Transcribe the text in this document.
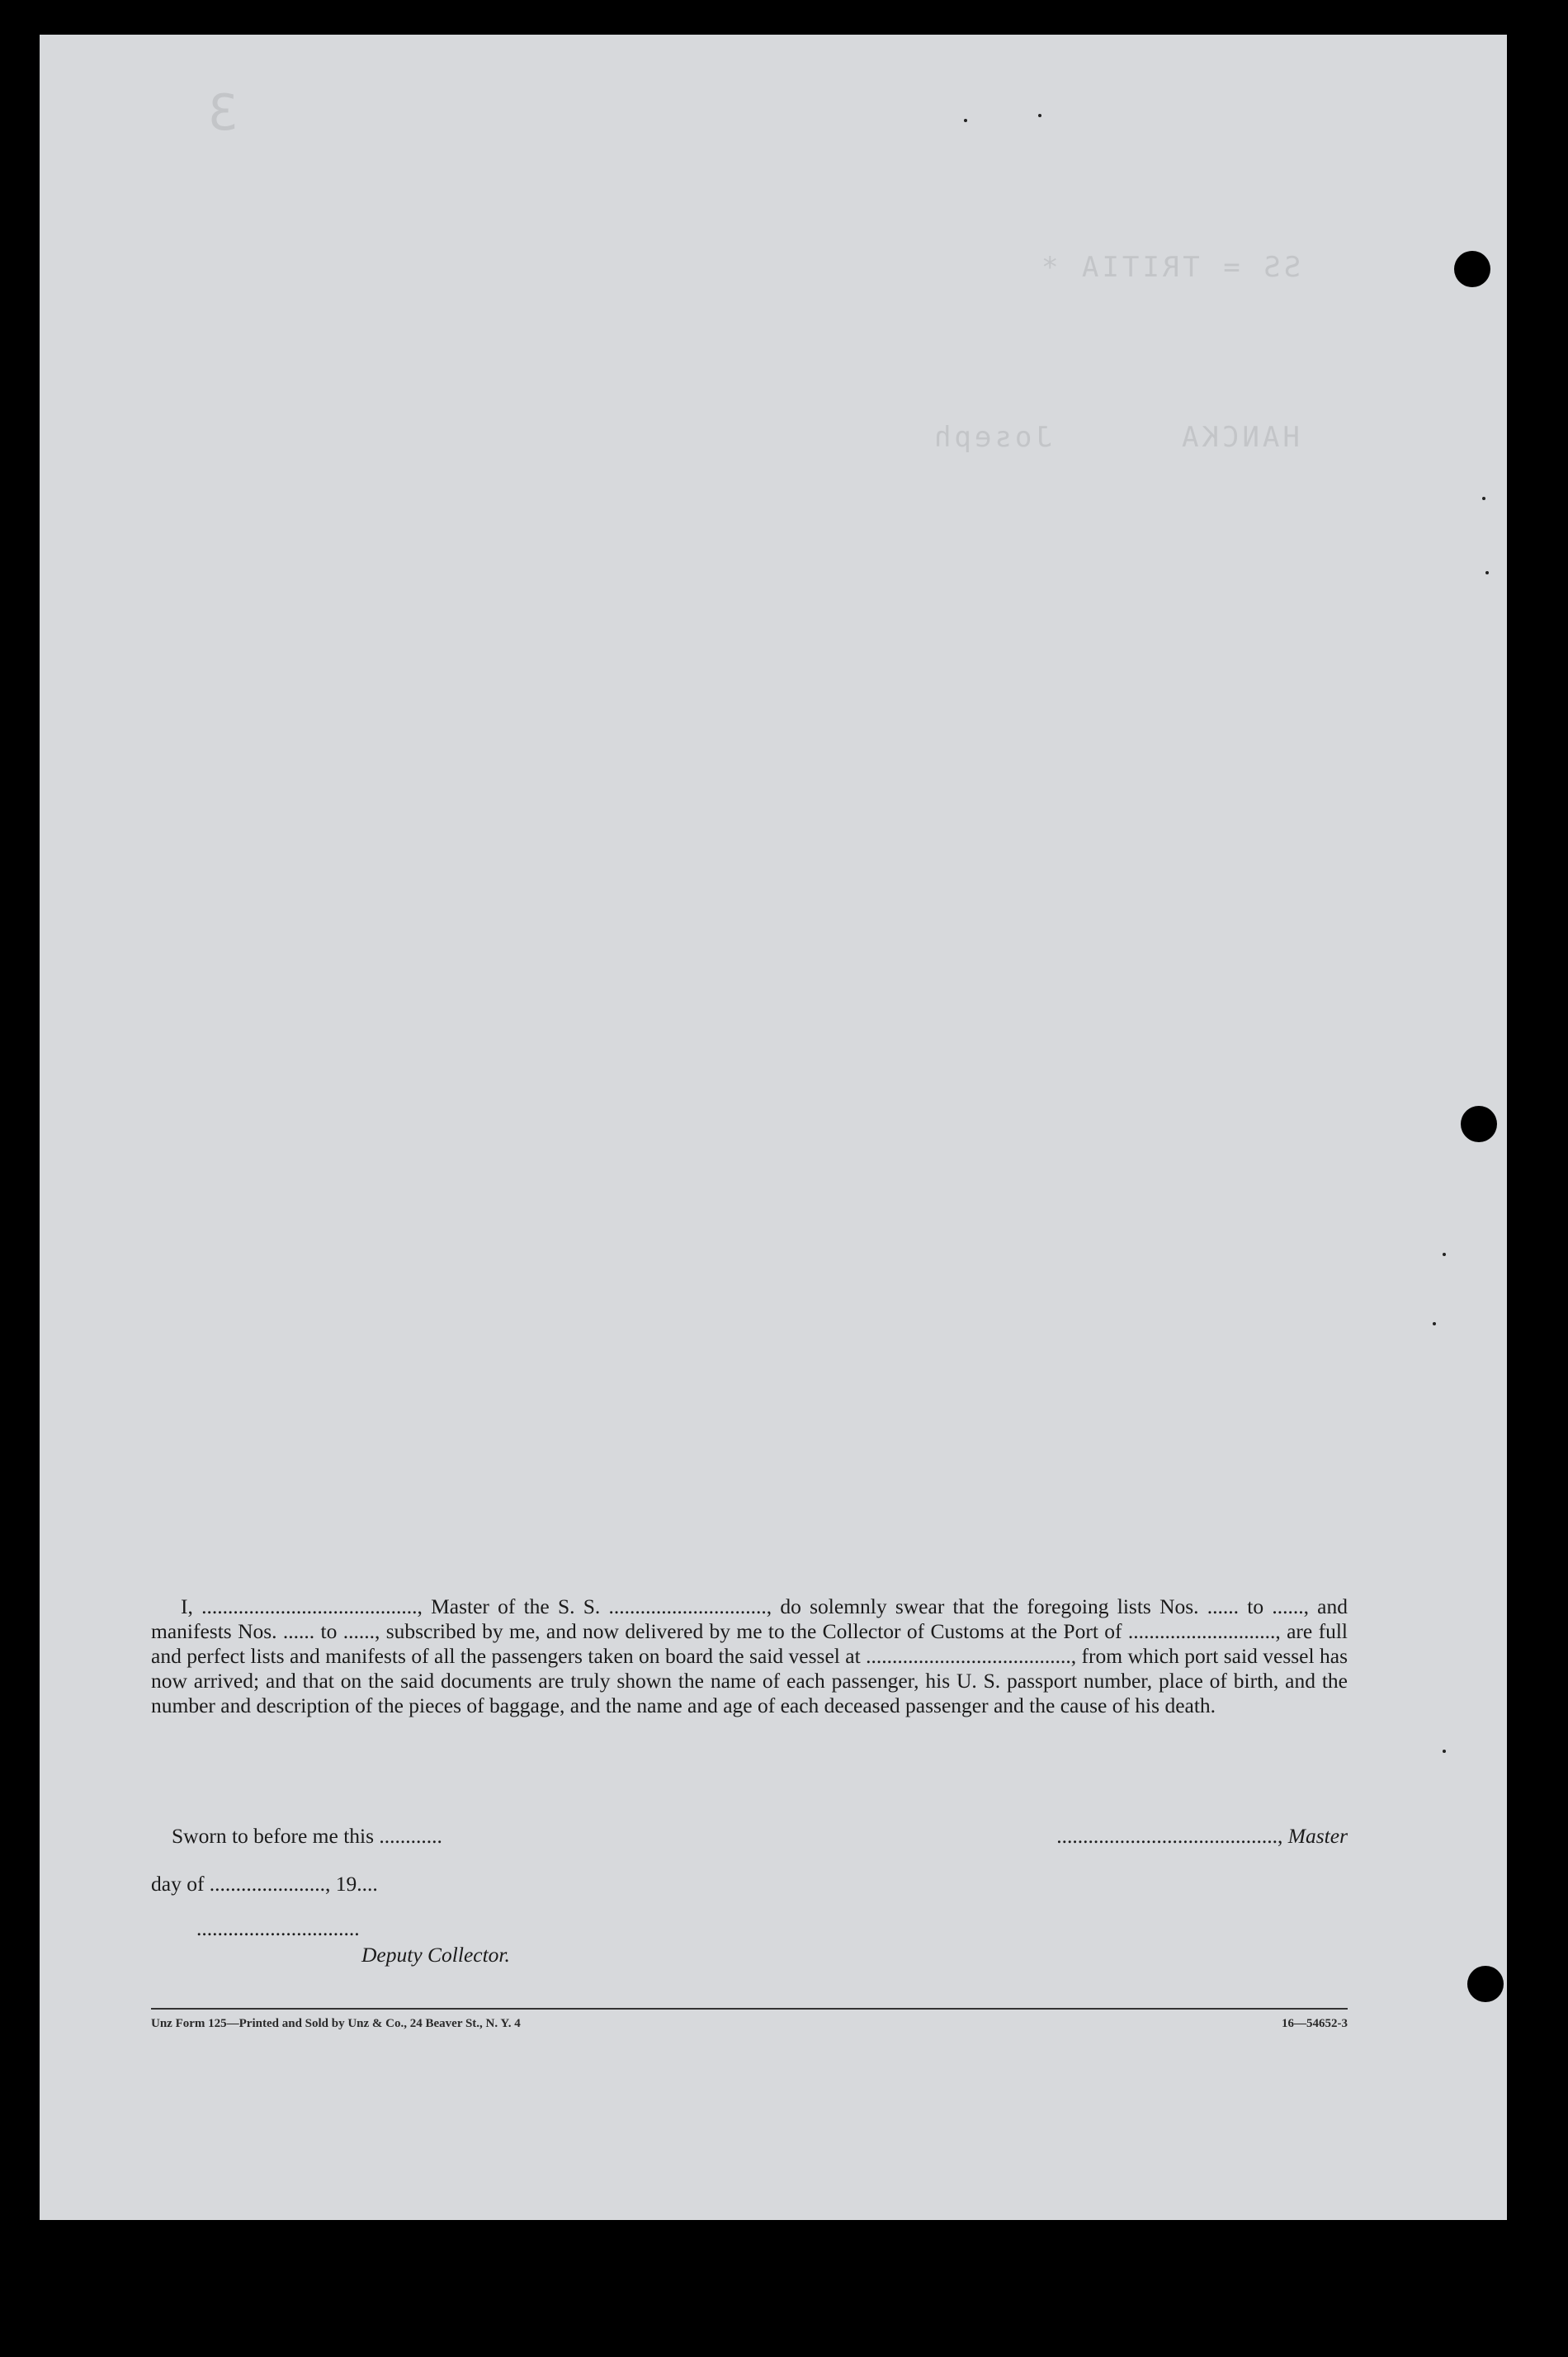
3
SS = TRITIA *
HANCKA
Joseph

I, ........................................., Master of the S. S. .............................., do solemnly swear that the foregoing lists Nos. ...... to ......, and manifests Nos. ...... to ......, subscribed by me, and now delivered by me to the Collector of Customs at the Port of ............................, are full and perfect lists and manifests of all the passengers taken on board the said vessel at ......................................., from which port said vessel has now arrived; and that on the said documents are truly shown the name of each passenger, his U. S. passport number, place of birth, and the number and description of the pieces of baggage, and the name and age of each deceased passenger and the cause of his death.

Sworn to before me this ............	.........................................., Master
day of ......................, 19....
...............................
Deputy Collector.
Unz Form 125—Printed and Sold by Unz & Co., 24 Beaver St., N. Y. 4	16—54652-3
